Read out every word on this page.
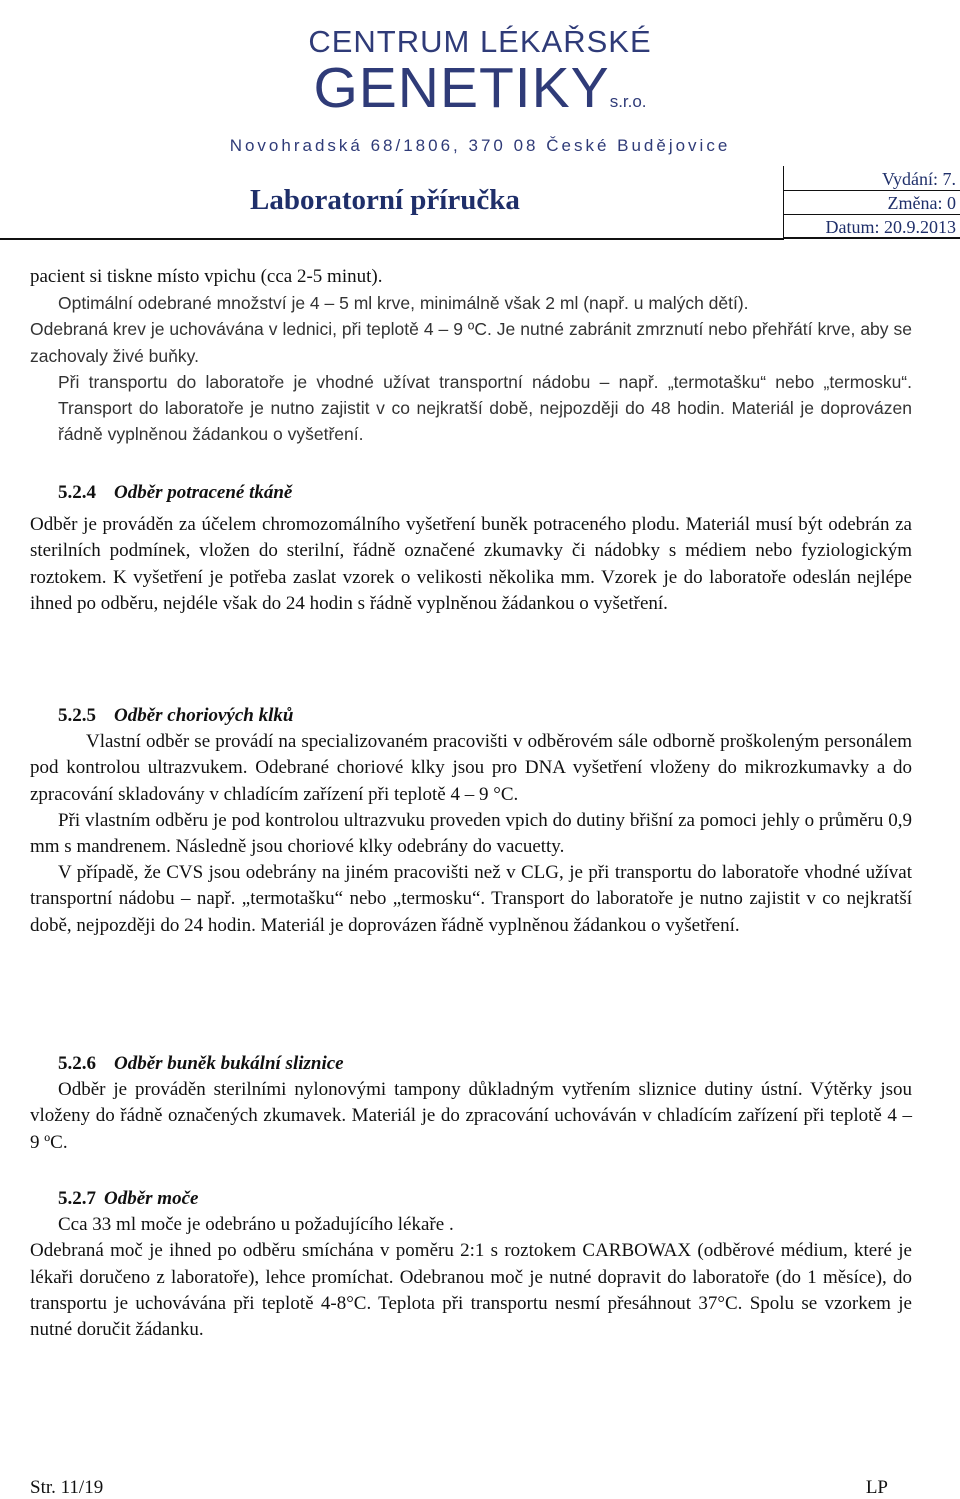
CENTRUM LÉKAŘSKÉ
GENETIKYs.r.o.
Novohradská 68/1806, 370 08 České Budějovice
Laboratorní příručka
Vydání: 7.
Změna: 0
Datum: 20.9.2013

pacient si tiskne místo vpichu (cca 2-5 minut).

Optimální odebrané množství je 4 – 5 ml krve, minimálně však 2 ml (např. u malých dětí).

Odebraná krev je uchovávána v lednici, při teplotě 4 – 9 ºC. Je nutné zabránit zmrznutí nebo přehřátí krve, aby se zachovaly živé buňky.

Při transportu do laboratoře je vhodné užívat transportní nádobu – např. „termotašku“ nebo „termosku“. Transport do laboratoře je nutno zajistit v co nejkratší době, nejpozději do 48 hodin. Materiál je doprovázen řádně vyplněnou žádankou o vyšetření.

5.2.4 Odběr potracené tkáně

Odběr je prováděn za účelem chromozomálního vyšetření buněk potraceného plodu. Materiál musí být odebrán za sterilních podmínek, vložen do sterilní, řádně označené zkumavky či nádobky s médiem nebo fyziologickým roztokem. K vyšetření je potřeba zaslat vzorek o velikosti několika mm. Vzorek je do laboratoře odeslán nejlépe ihned po odběru, nejdéle však do 24 hodin s řádně vyplněnou žádankou o vyšetření.

5.2.5 Odběr choriových klků

Vlastní odběr se provádí na specializovaném pracovišti v odběrovém sále odborně proškoleným personálem pod kontrolou ultrazvukem. Odebrané choriové klky jsou pro DNA vyšetření vloženy do mikrozkumavky a do zpracování skladovány v chladícím zařízení při teplotě 4 – 9 °C.

Při vlastním odběru je pod kontrolou ultrazvuku proveden vpich do dutiny břišní za pomoci jehly o průměru 0,9 mm s mandrenem. Následně jsou choriové klky odebrány do vacuetty.

V případě, že CVS jsou odebrány na jiném pracovišti než v CLG, je při transportu do laboratoře vhodné užívat transportní nádobu – např. „termotašku“ nebo „termosku“. Transport do laboratoře je nutno zajistit v co nejkratší době, nejpozději do 24 hodin. Materiál je doprovázen řádně vyplněnou žádankou o vyšetření.

5.2.6 Odběr buněk bukální sliznice

Odběr je prováděn sterilními nylonovými tampony důkladným vytřením sliznice dutiny ústní. Výtěrky jsou vloženy do řádně označených zkumavek. Materiál je do zpracování uchováván v chladícím zařízení při teplotě 4 – 9 ºC.

5.2.7 Odběr moče

Cca 33 ml moče je odebráno u požadujícího lékaře .

Odebraná moč je ihned po odběru smíchána v poměru 2:1 s roztokem CARBOWAX (odběrové médium, které je lékaři doručeno z laboratoře), lehce promíchat. Odebranou moč je nutné dopravit do laboratoře (do 1 měsíce), do transportu je uchovávána při teplotě 4-8°C. Teplota při transportu nesmí přesáhnout 37°C. Spolu se vzorkem je nutné doručit žádanku.

Str. 11/19	LP
